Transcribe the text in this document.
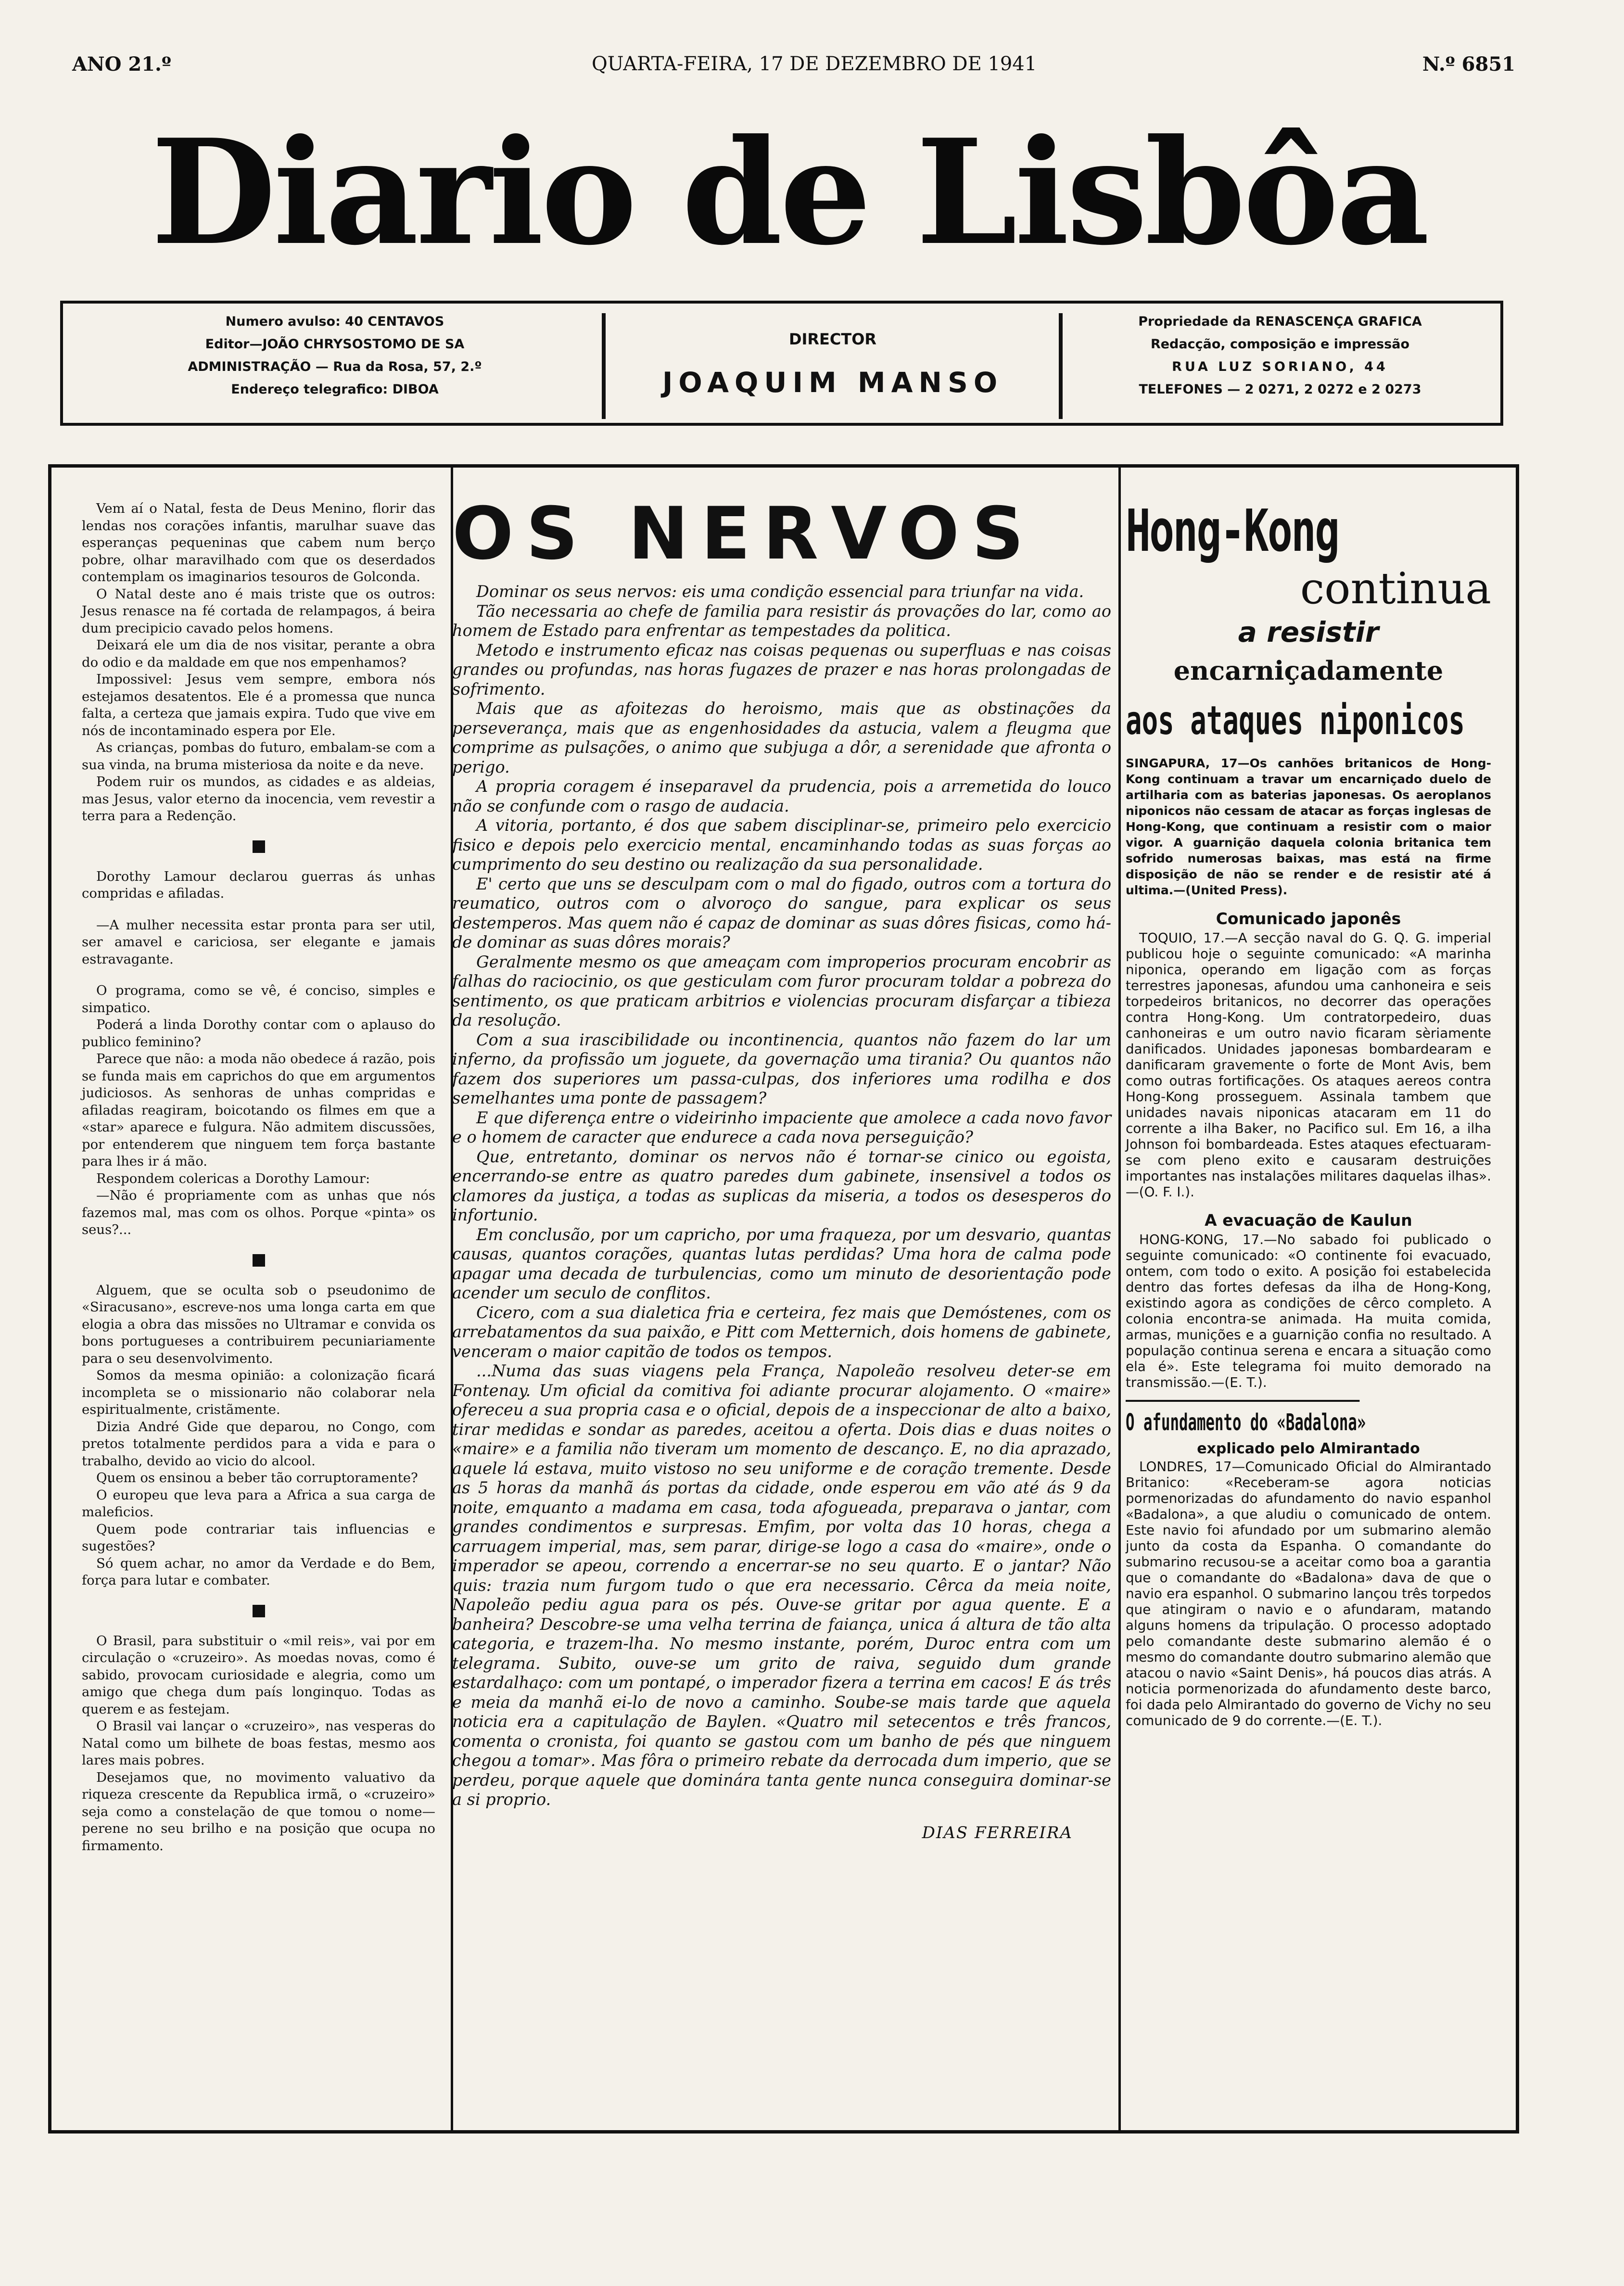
ANO 21.º	QUARTA-FEIRA, 17 DE DEZEMBRO DE 1941	N.º 6851
Diario de Lisbôa
Numero avulso: 40 CENTAVOS
Editor—JOÃO CHRYSOSTOMO DE SA
ADMINISTRAÇÃO — Rua da Rosa, 57, 2.º
Endereço telegrafico: DIBOA
DIRECTOR
JOAQUIM MANSO
Propriedade da RENASCENÇA GRAFICA
Redacção, composição e impressão
RUA LUZ SORIANO, 44
TELEFONES — 2 0271, 2 0272 e 2 0273

Vem aí o Natal, festa de Deus Menino, florir das lendas nos corações infantis, marulhar suave das esperanças pequeninas que cabem num berço pobre, olhar maravilhado com que os deserdados contemplam os imaginarios tesouros de Golconda.

O Natal deste ano é mais triste que os outros: Jesus renasce na fé cortada de relampagos, á beira dum precipicio cavado pelos homens.

Deixará ele um dia de nos visitar, perante a obra do odio e da maldade em que nos empenhamos?

Impossivel: Jesus vem sempre, embora nós estejamos desatentos. Ele é a promessa que nunca falta, a certeza que jamais expira. Tudo que vive em nós de incontaminado espera por Ele.

As crianças, pombas do futuro, embalam-se com a sua vinda, na bruma misteriosa da noite e da neve.

Podem ruir os mundos, as cidades e as aldeias, mas Jesus, valor eterno da inocencia, vem revestir a terra para a Redenção.

Dorothy Lamour declarou guerras ás unhas compridas e afiladas.

—A mulher necessita estar pronta para ser util, ser amavel e cariciosa, ser elegante e jamais estravagante.

O programa, como se vê, é conciso, simples e simpatico.

Poderá a linda Dorothy contar com o aplauso do publico feminino?

Parece que não: a moda não obedece á razão, pois se funda mais em caprichos do que em argumentos judiciosos. As senhoras de unhas compridas e afiladas reagiram, boicotando os filmes em que a «star» aparece e fulgura. Não admitem discussões, por entenderem que ninguem tem força bastante para lhes ir á mão.

Respondem colericas a Dorothy Lamour:

—Não é propriamente com as unhas que nós fazemos mal, mas com os olhos. Porque «pinta» os seus?...

Alguem, que se oculta sob o pseudonimo de «Siracusano», escreve-nos uma longa carta em que elogia a obra das missões no Ultramar e convida os bons portugueses a contribuirem pecuniariamente para o seu desenvolvimento.

Somos da mesma opinião: a colonização ficará incompleta se o missionario não colaborar nela espiritualmente, cristãmente.

Dizia André Gide que deparou, no Congo, com pretos totalmente perdidos para a vida e para o trabalho, devido ao vicio do alcool.

Quem os ensinou a beber tão corruptoramente?

O europeu que leva para a Africa a sua carga de maleficios.

Quem pode contrariar tais influencias e sugestões?

Só quem achar, no amor da Verdade e do Bem, força para lutar e combater.

O Brasil, para substituir o «mil reis», vai por em circulação o «cruzeiro». As moedas novas, como é sabido, provocam curiosidade e alegria, como um amigo que chega dum país longinquo. Todas as querem e as festejam.

O Brasil vai lançar o «cruzeiro», nas vesperas do Natal como um bilhete de boas festas, mesmo aos lares mais pobres.

Desejamos que, no movimento valuativo da riqueza crescente da Republica irmã, o «cruzeiro» seja como a constelação de que tomou o nome—perene no seu brilho e na posição que ocupa no firmamento.

OS NERVOS

Dominar os seus nervos: eis uma condição essencial para triunfar na vida.

Tão necessaria ao chefe de familia para resistir ás provações do lar, como ao homem de Estado para enfrentar as tempestades da politica.

Metodo e instrumento eficaz nas coisas pequenas ou superfluas e nas coisas grandes ou profundas, nas horas fugazes de prazer e nas horas prolongadas de sofrimento.

Mais que as afoitezas do heroismo, mais que as obstinações da perseverança, mais que as engenhosidades da astucia, valem a fleugma que comprime as pulsações, o animo que subjuga a dôr, a serenidade que afronta o perigo.

A propria coragem é inseparavel da prudencia, pois a arremetida do louco não se confunde com o rasgo de audacia.

A vitoria, portanto, é dos que sabem disciplinar-se, primeiro pelo exercicio fisico e depois pelo exercicio mental, encaminhando todas as suas forças ao cumprimento do seu destino ou realização da sua personalidade.

E' certo que uns se desculpam com o mal do figado, outros com a tortura do reumatico, outros com o alvoroço do sangue, para explicar os seus destemperos. Mas quem não é capaz de dominar as suas dôres fisicas, como há-de dominar as suas dôres morais?

Geralmente mesmo os que ameaçam com improperios procuram encobrir as falhas do raciocinio, os que gesticulam com furor procuram toldar a pobreza do sentimento, os que praticam arbitrios e violencias procuram disfarçar a tibieza da resolução.

Com a sua irascibilidade ou incontinencia, quantos não fazem do lar um inferno, da profissão um joguete, da governação uma tirania? Ou quantos não fazem dos superiores um passa-culpas, dos inferiores uma rodilha e dos semelhantes uma ponte de passagem?

E que diferença entre o videirinho impaciente que amolece a cada novo favor e o homem de caracter que endurece a cada nova perseguição?

Que, entretanto, dominar os nervos não é tornar-se cinico ou egoista, encerrando-se entre as quatro paredes dum gabinete, insensivel a todos os clamores da justiça, a todas as suplicas da miseria, a todos os desesperos do infortunio.

Em conclusão, por um capricho, por uma fraqueza, por um desvario, quantas causas, quantos corações, quantas lutas perdidas? Uma hora de calma pode apagar uma decada de turbulencias, como um minuto de desorientação pode acender um seculo de conflitos.

Cicero, com a sua dialetica fria e certeira, fez mais que Demóstenes, com os arrebatamentos da sua paixão, e Pitt com Metternich, dois homens de gabinete, venceram o maior capitão de todos os tempos.

...Numa das suas viagens pela França, Napoleão resolveu deter-se em Fontenay. Um oficial da comitiva foi adiante procurar alojamento. O «maire» ofereceu a sua propria casa e o oficial, depois de a inspeccionar de alto a baixo, tirar medidas e sondar as paredes, aceitou a oferta. Dois dias e duas noites o «maire» e a familia não tiveram um momento de descanço. E, no dia aprazado, aquele lá estava, muito vistoso no seu uniforme e de coração tremente. Desde as 5 horas da manhã ás portas da cidade, onde esperou em vão até ás 9 da noite, emquanto a madama em casa, toda afogueada, preparava o jantar, com grandes condimentos e surpresas. Emfim, por volta das 10 horas, chega a carruagem imperial, mas, sem parar, dirige-se logo a casa do «maire», onde o imperador se apeou, correndo a encerrar-se no seu quarto. E o jantar? Não quis: trazia num furgom tudo o que era necessario. Cêrca da meia noite, Napoleão pediu agua para os pés. Ouve-se gritar por agua quente. E a banheira? Descobre-se uma velha terrina de faiança, unica á altura de tão alta categoria, e trazem-lha. No mesmo instante, porém, Duroc entra com um telegrama. Subito, ouve-se um grito de raiva, seguido dum grande estardalhaço: com um pontapé, o imperador fizera a terrina em cacos! E ás três e meia da manhã ei-lo de novo a caminho. Soube-se mais tarde que aquela noticia era a capitulação de Baylen. «Quatro mil setecentos e três francos, comenta o cronista, foi quanto se gastou com um banho de pés que ninguem chegou a tomar». Mas fôra o primeiro rebate da derrocada dum imperio, que se perdeu, porque aquele que dominára tanta gente nunca conseguira dominar-se a si proprio.

DIAS FERREIRA
Hong-Kong
continua
a resistir
encarniçadamente
aos ataques niponicos

SINGAPURA, 17—Os canhões britanicos de Hong-Kong continuam a travar um encarniçado duelo de artilharia com as baterias japonesas. Os aeroplanos niponicos não cessam de atacar as forças inglesas de Hong-Kong, que continuam a resistir com o maior vigor. A guarnição daquela colonia britanica tem sofrido numerosas baixas, mas está na firme disposição de não se render e de resistir até á ultima.—(United Press).

Comunicado japonês

TOQUIO, 17.—A secção naval do G. Q. G. imperial publicou hoje o seguinte comunicado: «A marinha niponica, operando em ligação com as forças terrestres japonesas, afundou uma canhoneira e seis torpedeiros britanicos, no decorrer das operações contra Hong-Kong. Um contratorpedeiro, duas canhoneiras e um outro navio ficaram sèriamente danificados. Unidades japonesas bombardearam e danificaram gravemente o forte de Mont Avis, bem como outras fortificações. Os ataques aereos contra Hong-Kong prosseguem. Assinala tambem que unidades navais niponicas atacaram em 11 do corrente a ilha Baker, no Pacifico sul. Em 16, a ilha Johnson foi bombardeada. Estes ataques efectuaram-se com pleno exito e causaram destruições importantes nas instalações militares daquelas ilhas».—(O. F. I.).

A evacuação de Kaulun

HONG-KONG, 17.—No sabado foi publicado o seguinte comunicado: «O continente foi evacuado, ontem, com todo o exito. A posição foi estabelecida dentro das fortes defesas da ilha de Hong-Kong, existindo agora as condições de cêrco completo. A colonia encontra-se animada. Ha muita comida, armas, munições e a guarnição confia no resultado. A população continua serena e encara a situação como ela é». Este telegrama foi muito demorado na transmissão.—(E. T.).

O afundamento do «Badalona»
explicado pelo Almirantado

LONDRES, 17—Comunicado Oficial do Almirantado Britanico: «Receberam-se agora noticias pormenorizadas do afundamento do navio espanhol «Badalona», a que aludiu o comunicado de ontem. Este navio foi afundado por um submarino alemão junto da costa da Espanha. O comandante do submarino recusou-se a aceitar como boa a garantia que o comandante do «Badalona» dava de que o navio era espanhol. O submarino lançou três torpedos que atingiram o navio e o afundaram, matando alguns homens da tripulação. O processo adoptado pelo comandante deste submarino alemão é o mesmo do comandante doutro submarino alemão que atacou o navio «Saint Denis», há poucos dias atrás. A noticia pormenorizada do afundamento deste barco, foi dada pelo Almirantado do governo de Vichy no seu comunicado de 9 do corrente.—(E. T.).
